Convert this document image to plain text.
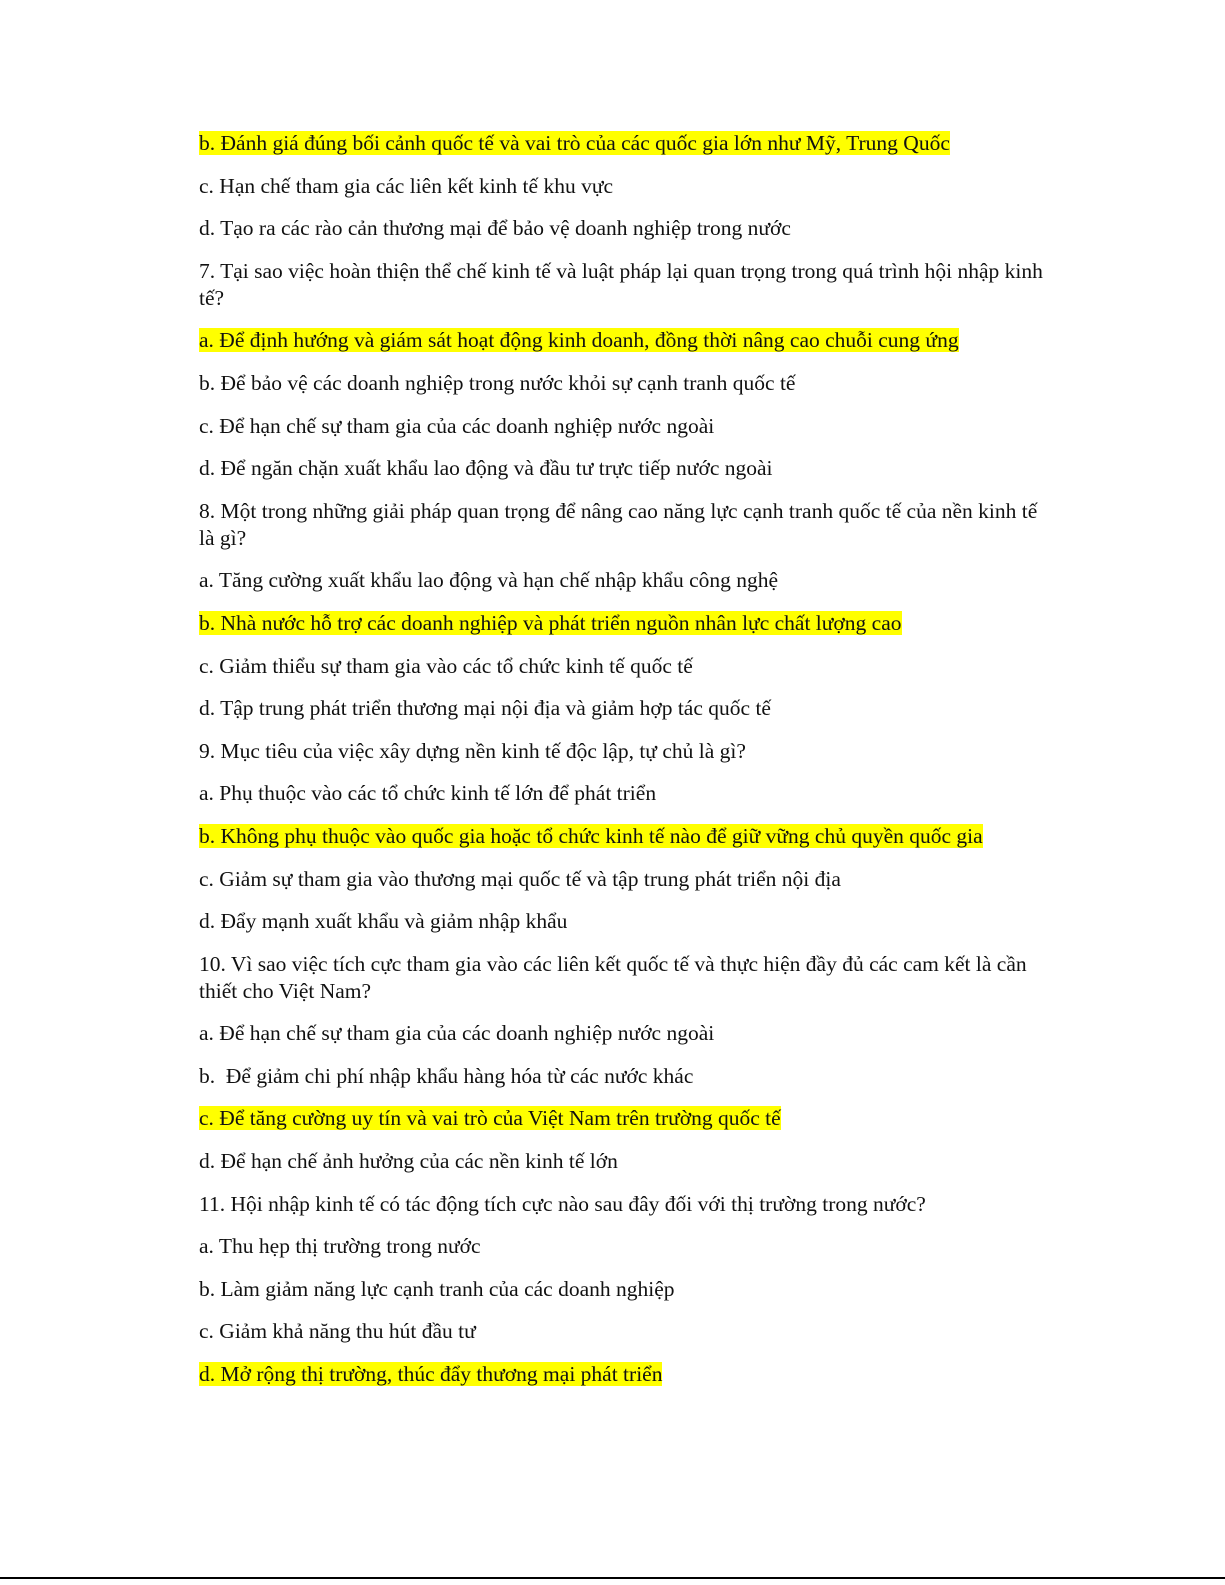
b. Đánh giá đúng bối cảnh quốc tế và vai trò của các quốc gia lớn như Mỹ, Trung Quốc

c. Hạn chế tham gia các liên kết kinh tế khu vực

d. Tạo ra các rào cản thương mại để bảo vệ doanh nghiệp trong nước

7. Tại sao việc hoàn thiện thể chế kinh tế và luật pháp lại quan trọng trong quá trình hội nhập kinh tế?

a. Để định hướng và giám sát hoạt động kinh doanh, đồng thời nâng cao chuỗi cung ứng

b. Để bảo vệ các doanh nghiệp trong nước khỏi sự cạnh tranh quốc tế

c. Để hạn chế sự tham gia của các doanh nghiệp nước ngoài

d. Để ngăn chặn xuất khẩu lao động và đầu tư trực tiếp nước ngoài

8. Một trong những giải pháp quan trọng để nâng cao năng lực cạnh tranh quốc tế của nền kinh tế là gì?

a. Tăng cường xuất khẩu lao động và hạn chế nhập khẩu công nghệ

b. Nhà nước hỗ trợ các doanh nghiệp và phát triển nguồn nhân lực chất lượng cao

c. Giảm thiểu sự tham gia vào các tổ chức kinh tế quốc tế

d. Tập trung phát triển thương mại nội địa và giảm hợp tác quốc tế

9. Mục tiêu của việc xây dựng nền kinh tế độc lập, tự chủ là gì?

a. Phụ thuộc vào các tổ chức kinh tế lớn để phát triển

b. Không phụ thuộc vào quốc gia hoặc tổ chức kinh tế nào để giữ vững chủ quyền quốc gia

c. Giảm sự tham gia vào thương mại quốc tế và tập trung phát triển nội địa

d. Đẩy mạnh xuất khẩu và giảm nhập khẩu

10. Vì sao việc tích cực tham gia vào các liên kết quốc tế và thực hiện đầy đủ các cam kết là cần thiết cho Việt Nam?

a. Để hạn chế sự tham gia của các doanh nghiệp nước ngoài

b.  Để giảm chi phí nhập khẩu hàng hóa từ các nước khác

c. Để tăng cường uy tín và vai trò của Việt Nam trên trường quốc tế

d. Để hạn chế ảnh hưởng của các nền kinh tế lớn

11. Hội nhập kinh tế có tác động tích cực nào sau đây đối với thị trường trong nước?

a. Thu hẹp thị trường trong nước

b. Làm giảm năng lực cạnh tranh của các doanh nghiệp

c. Giảm khả năng thu hút đầu tư

d. Mở rộng thị trường, thúc đẩy thương mại phát triển
